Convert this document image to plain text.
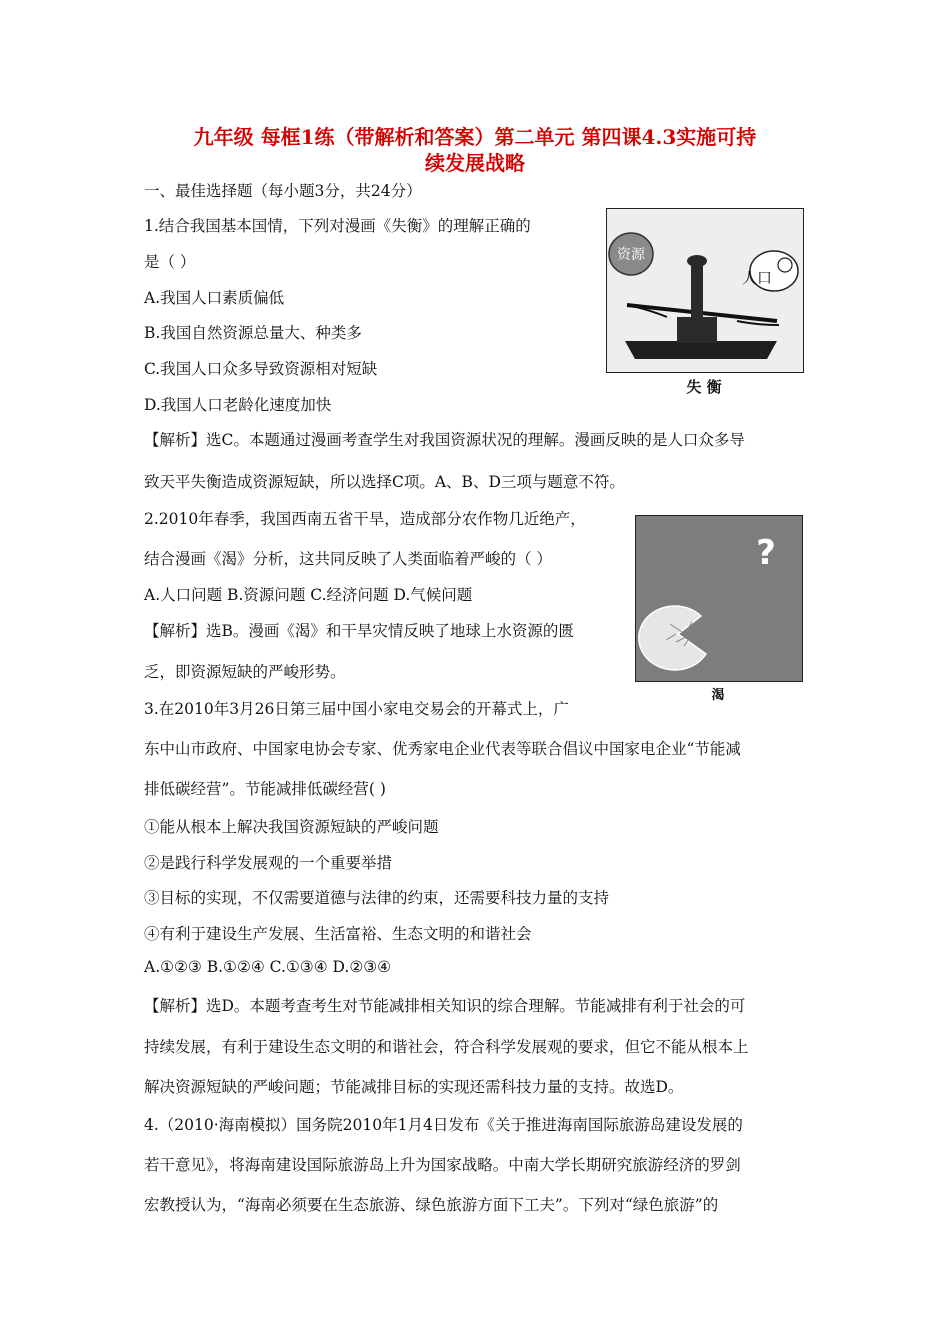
九年级 每框1练（带解析和答案）第二单元 第四课4.3实施可持
续发展战略
一、最佳选择题（每小题3分，共24分）
1.结合我国基本国情，下列对漫画《失衡》的理解正确的
是（ ）
A.我国人口素质偏低
B.我国自然资源总量大、种类多
C.我国人口众多导致资源相对短缺
D.我国人口老龄化速度加快
【解析】选C。本题通过漫画考查学生对我国资源状况的理解。漫画反映的是人口众多导
致天平失衡造成资源短缺，所以选择C项。A、B、D三项与题意不符。
资源
人口
失 衡
2.2010年春季，我国西南五省干旱，造成部分农作物几近绝产，
结合漫画《渴》分析，这共同反映了人类面临着严峻的（ ）
A.人口问题 B.资源问题 C.经济问题 D.气候问题
【解析】选B。漫画《渴》和干旱灾情反映了地球上水资源的匮
乏，即资源短缺的严峻形势。
?
渴
3.在2010年3月26日第三届中国小家电交易会的开幕式上，广
东中山市政府、中国家电协会专家、优秀家电企业代表等联合倡议中国家电企业“节能减
排低碳经营”。节能减排低碳经营( )
①能从根本上解决我国资源短缺的严峻问题
②是践行科学发展观的一个重要举措
③目标的实现，不仅需要道德与法律的约束，还需要科技力量的支持
④有利于建设生产发展、生活富裕、生态文明的和谐社会
A.①②③ B.①②④ C.①③④ D.②③④
【解析】选D。本题考查考生对节能减排相关知识的综合理解。节能减排有利于社会的可
持续发展，有利于建设生态文明的和谐社会，符合科学发展观的要求，但它不能从根本上
解决资源短缺的严峻问题；节能减排目标的实现还需科技力量的支持。故选D。
4.（2010·海南模拟）国务院2010年1月4日发布《关于推进海南国际旅游岛建设发展的
若干意见》，将海南建设国际旅游岛上升为国家战略。中南大学长期研究旅游经济的罗剑
宏教授认为，“海南必须要在生态旅游、绿色旅游方面下工夫”。下列对“绿色旅游”的
